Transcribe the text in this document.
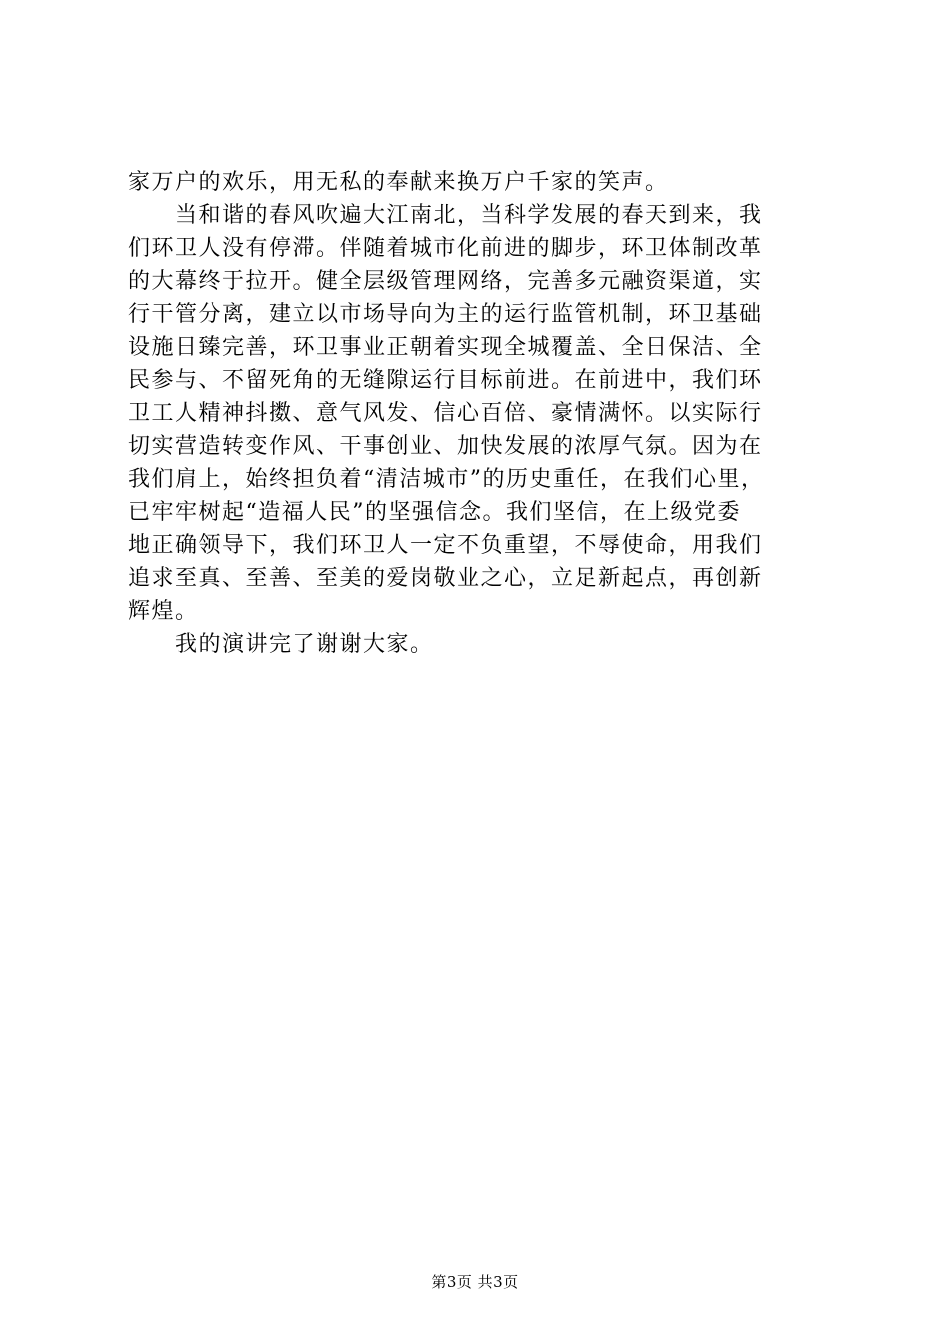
家万户的欢乐，用无私的奉献来换万户千家的笑声。
　　当和谐的春风吹遍大江南北，当科学发展的春天到来，我
们环卫人没有停滞。伴随着城市化前进的脚步，环卫体制改革
的大幕终于拉开。健全层级管理网络，完善多元融资渠道，实
行干管分离，建立以市场导向为主的运行监管机制，环卫基础
设施日臻完善，环卫事业正朝着实现全城覆盖、全日保洁、全
民参与、不留死角的无缝隙运行目标前进。在前进中，我们环
卫工人精神抖擞、意气风发、信心百倍、豪情满怀。以实际行
切实营造转变作风、干事创业、加快发展的浓厚气氛。因为在
我们肩上，始终担负着“清洁城市”的历史重任，在我们心里，
已牢牢树起“造福人民”的坚强信念。我们坚信，在上级党委
地正确领导下，我们环卫人一定不负重望，不辱使命，用我们
追求至真、至善、至美的爱岗敬业之心，立足新起点，再创新
辉煌。
　　我的演讲完了谢谢大家。
第3页 共3页
